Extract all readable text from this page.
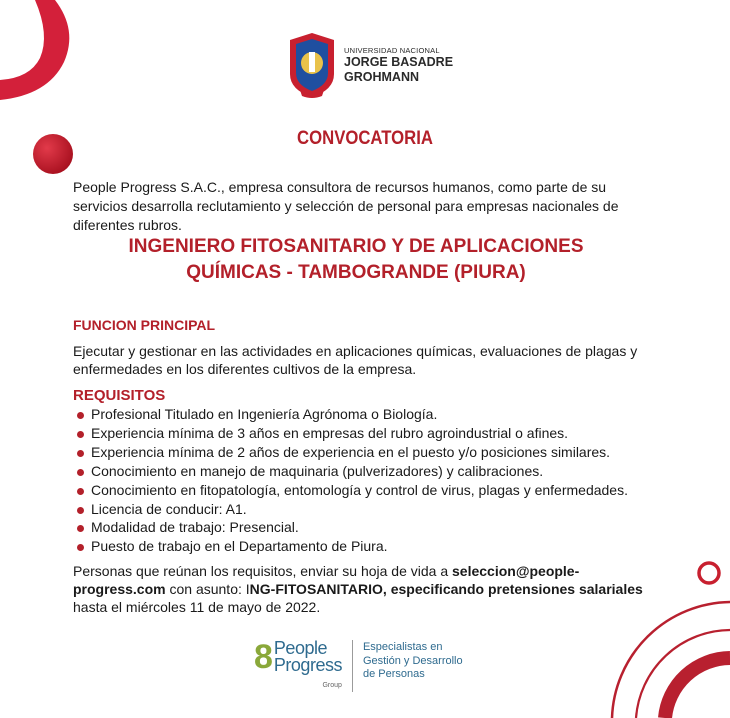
UNIVERSIDAD NACIONAL
JORGE BASADRE
GROHMANN
CONVOCATORIA
People Progress S.A.C., empresa consultora de recursos humanos, como parte de su servicios desarrolla reclutamiento y selección de personal para empresas nacionales de diferentes rubros.
INGENIERO FITOSANITARIO Y DE APLICACIONES
QUÍMICAS - TAMBOGRANDE (PIURA)
FUNCION PRINCIPAL
Ejecutar y gestionar en las actividades en aplicaciones químicas, evaluaciones de plagas y enfermedades en los diferentes cultivos de la empresa.
REQUISITOS
Profesional Titulado en Ingeniería Agrónoma o Biología.
Experiencia mínima de 3 años en empresas del rubro agroindustrial o afines.
Experiencia mínima de 2 años de experiencia en el puesto y/o posiciones similares.
Conocimiento en manejo de maquinaria (pulverizadores) y calibraciones.
Conocimiento en fitopatología, entomología y control de virus, plagas y enfermedades.
Licencia de conducir: A1.
Modalidad de trabajo: Presencial.
Puesto de trabajo en el Departamento de Piura.
Personas que reúnan los requisitos, enviar su hoja de vida a seleccion@people-progress.com con asunto: ING-FITOSANITARIO, especificando pretensiones salariales hasta el miércoles 11 de mayo de 2022.
8 People
Progress
Group
Especialistas en
Gestión y Desarrollo
de Personas
